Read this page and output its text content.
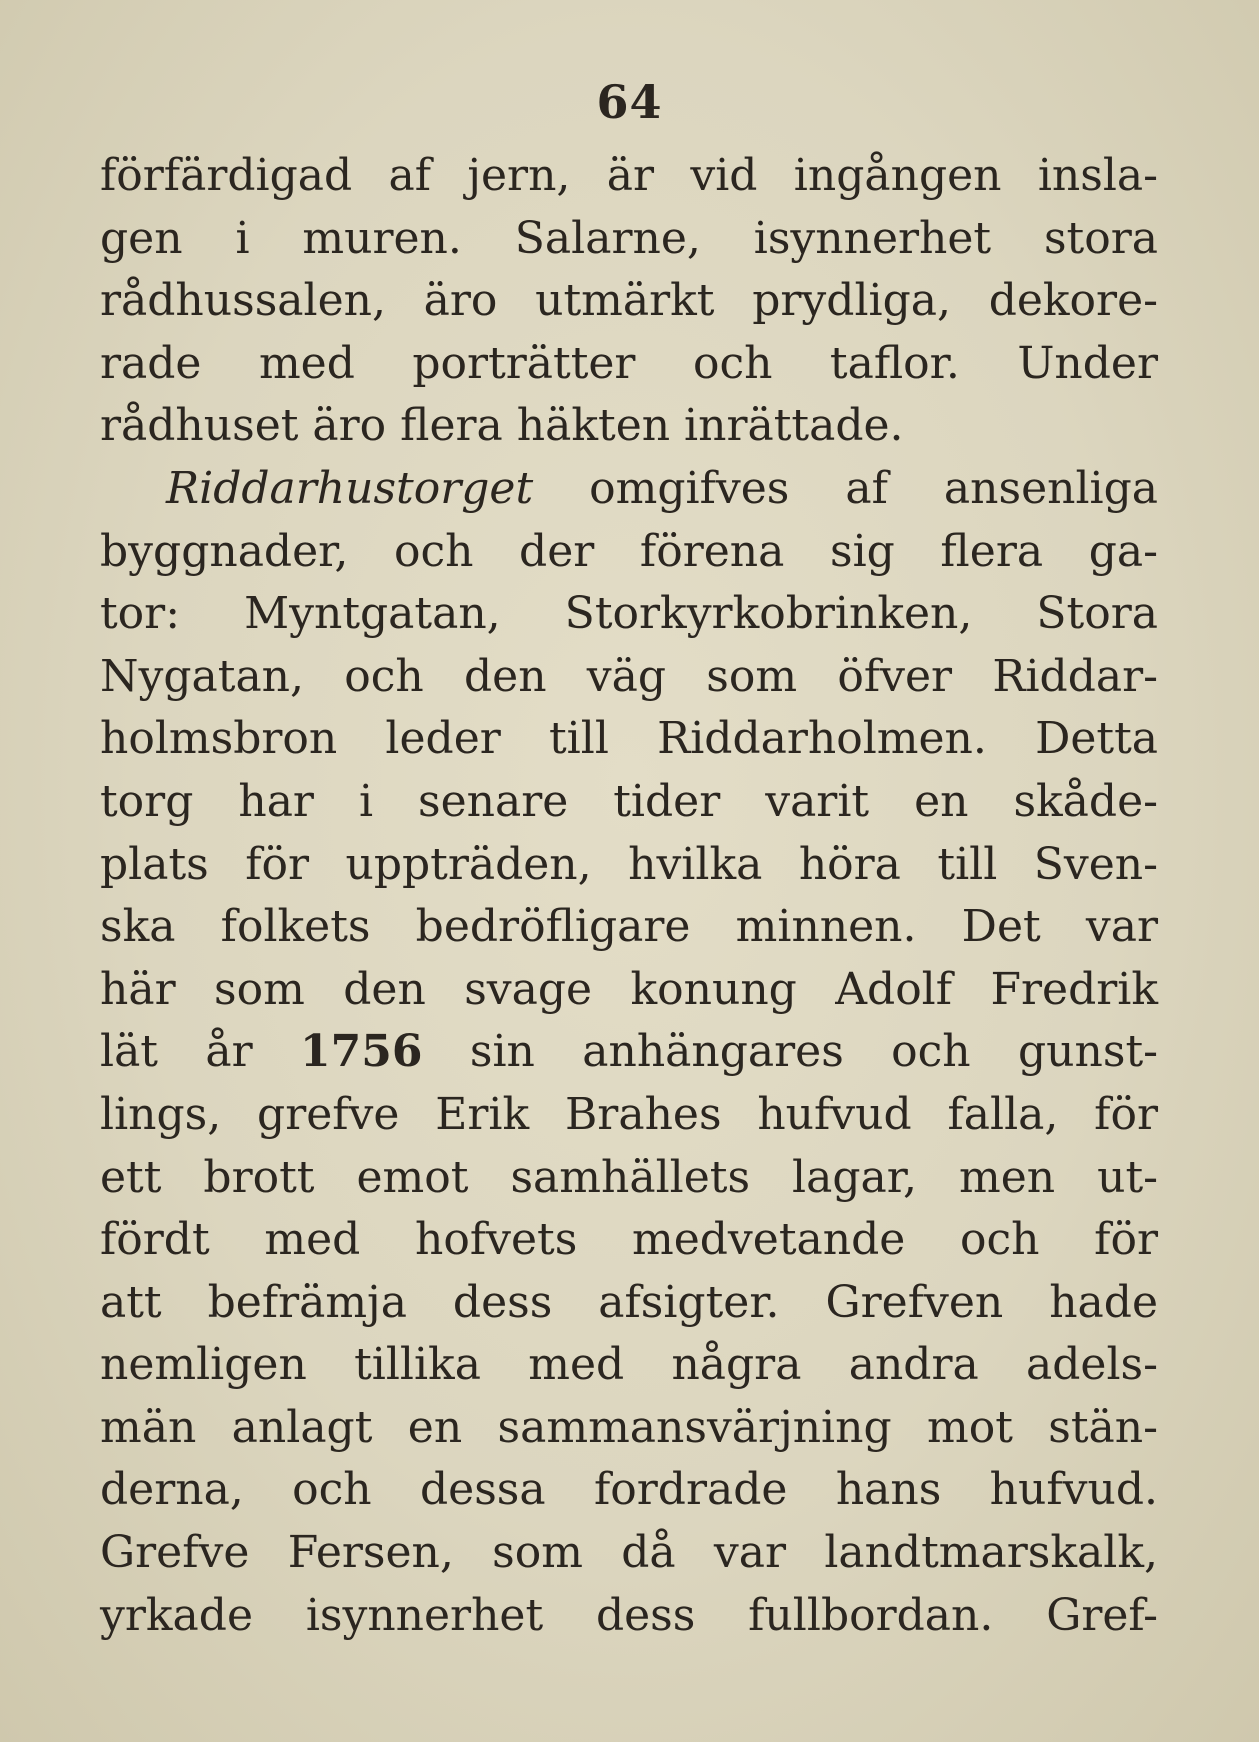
64
förfärdigad af jern, är vid ingången insla-
gen i muren. Salarne, isynnerhet stora
rådhussalen, äro utmärkt prydliga, dekore-
rade med porträtter och taflor. Under
rådhuset äro flera häkten inrättade.
Riddarhustorget omgifves af ansenliga
byggnader, och der förena sig flera ga-
tor: Myntgatan, Storkyrkobrinken, Stora
Nygatan, och den väg som öfver Riddar-
holmsbron leder till Riddarholmen. Detta
torg har i senare tider varit en skåde-
plats för uppträden, hvilka höra till Sven-
ska folkets bedröfligare minnen. Det var
här som den svage konung Adolf Fredrik
lät år 1756 sin anhängares och gunst-
lings, grefve Erik Brahes hufvud falla, för
ett brott emot samhällets lagar, men ut-
fördt med hofvets medvetande och för
att befrämja dess afsigter. Grefven hade
nemligen tillika med några andra adels-
män anlagt en sammansvärjning mot stän-
derna, och dessa fordrade hans hufvud.
Grefve Fersen, som då var landtmarskalk,
yrkade isynnerhet dess fullbordan. Gref-
